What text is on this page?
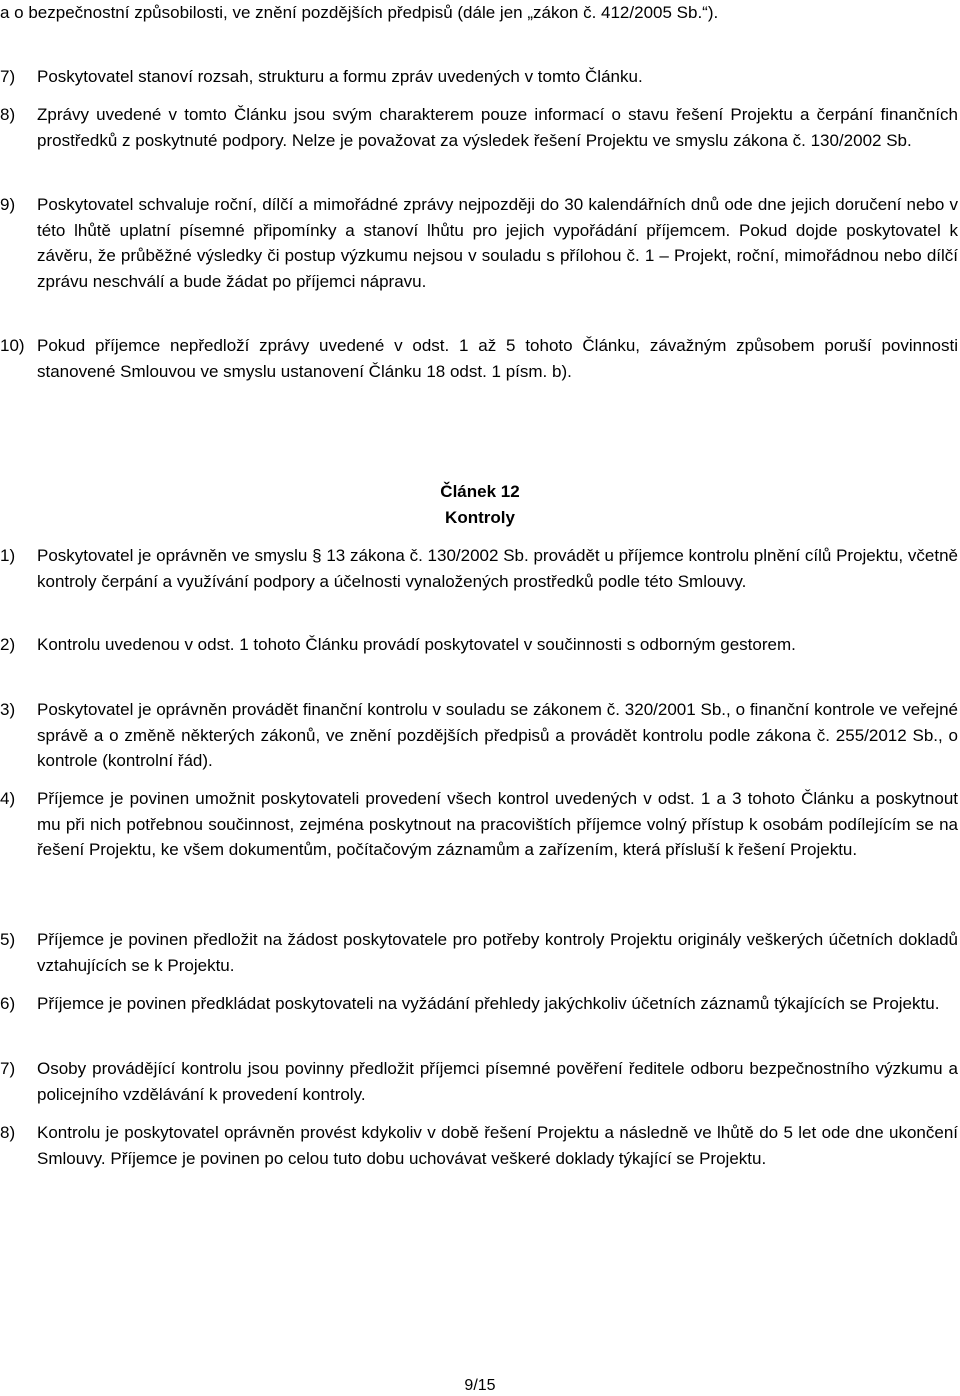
a o bezpečnostní způsobilosti, ve znění pozdějších předpisů (dále jen „zákon č. 412/2005 Sb.“).
7) Poskytovatel stanoví rozsah, strukturu a formu zpráv uvedených v tomto Článku.
8) Zprávy uvedené v tomto Článku jsou svým charakterem pouze informací o stavu řešení Projektu a čerpání finančních prostředků z poskytnuté podpory. Nelze je považovat za výsledek řešení Projektu ve smyslu zákona č. 130/2002 Sb.
9) Poskytovatel schvaluje roční, dílčí a mimořádné zprávy nejpozději do 30 kalendářních dnů ode dne jejich doručení nebo v této lhůtě uplatní písemné připomínky a stanoví lhůtu pro jejich vypořádání příjemcem. Pokud dojde poskytovatel k závěru, že průběžné výsledky či postup výzkumu nejsou v souladu s přílohou č. 1 – Projekt, roční, mimořádnou nebo dílčí zprávu neschválí a bude žádat po příjemci nápravu.
10) Pokud příjemce nepředloží zprávy uvedené v odst. 1 až 5 tohoto Článku, závažným způsobem poruší povinnosti stanovené Smlouvou ve smyslu ustanovení Článku 18 odst. 1 písm. b).
Článek 12
Kontroly
1) Poskytovatel je oprávněn ve smyslu § 13 zákona č. 130/2002 Sb. provádět u příjemce kontrolu plnění cílů Projektu, včetně kontroly čerpání a využívání podpory a účelnosti vynaložených prostředků podle této Smlouvy.
2) Kontrolu uvedenou v odst. 1 tohoto Článku provádí poskytovatel v součinnosti s odborným gestorem.
3) Poskytovatel je oprávněn provádět finanční kontrolu v souladu se zákonem č. 320/2001 Sb., o finanční kontrole ve veřejné správě a o změně některých zákonů, ve znění pozdějších předpisů a provádět kontrolu podle zákona č. 255/2012 Sb., o kontrole (kontrolní řád).
4) Příjemce je povinen umožnit poskytovateli provedení všech kontrol uvedených v odst. 1 a 3 tohoto Článku a poskytnout mu při nich potřebnou součinnost, zejména poskytnout na pracovištích příjemce volný přístup k osobám podílejícím se na řešení Projektu, ke všem dokumentům, počítačovým záznamům a zařízením, která přísluší k řešení Projektu.
5) Příjemce je povinen předložit na žádost poskytovatele pro potřeby kontroly Projektu originály veškerých účetních dokladů vztahujících se k Projektu.
6) Příjemce je povinen předkládat poskytovateli na vyžádání přehledy jakýchkoliv účetních záznamů týkajících se Projektu.
7) Osoby provádějící kontrolu jsou povinny předložit příjemci písemné pověření ředitele odboru bezpečnostního výzkumu a policejního vzdělávání k provedení kontroly.
8) Kontrolu je poskytovatel oprávněn provést kdykoliv v době řešení Projektu a následně ve lhůtě do 5 let ode dne ukončení Smlouvy. Příjemce je povinen po celou tuto dobu uchovávat veškeré doklady týkající se Projektu.
9/15
